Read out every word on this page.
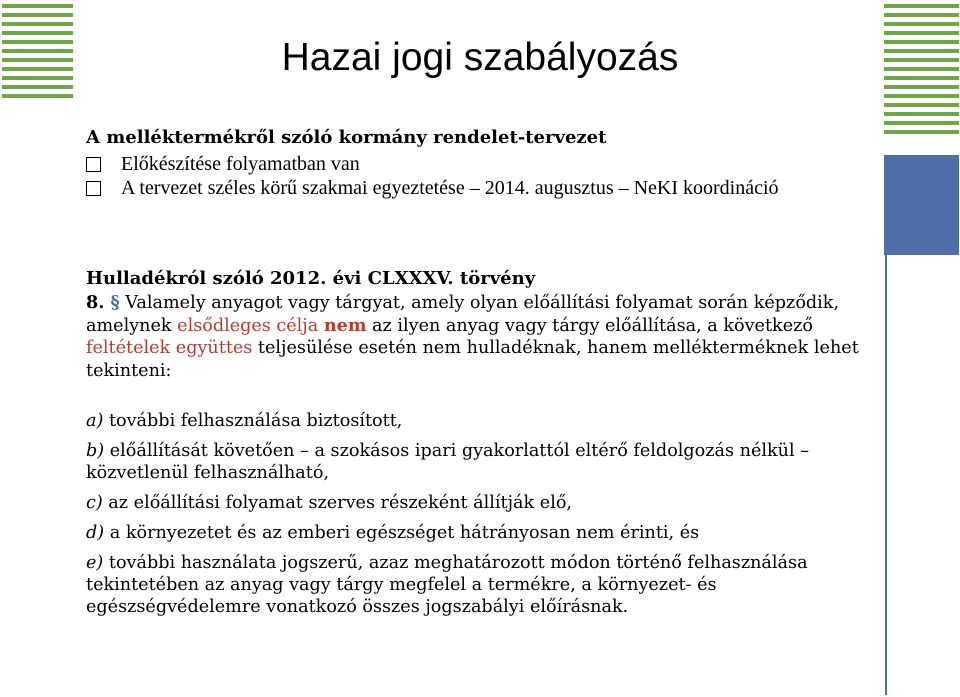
Hazai jogi szabályozás
A melléktermékről szóló kormány rendelet-tervezet
Előkészítése folyamatban van
A tervezet széles körű szakmai egyeztetése – 2014. augusztus – NeKI koordináció
Hulladékról szóló 2012. évi CLXXXV. törvény
8. § Valamely anyagot vagy tárgyat, amely olyan előállítási folyamat során képződik, amelynek elsődleges célja nem az ilyen anyag vagy tárgy előállítása, a következő feltételek együttes teljesülése esetén nem hulladéknak, hanem mellékterméknek lehet tekinteni:
a) további felhasználása biztosított,
b) előállítását követően – a szokásos ipari gyakorlattól eltérő feldolgozás nélkül – közvetlenül felhasználható,
c) az előállítási folyamat szerves részeként állítják elő,
d) a környezetet és az emberi egészséget hátrányosan nem érinti, és
e) további használata jogszerű, azaz meghatározott módon történő felhasználása tekintetében az anyag vagy tárgy megfelel a termékre, a környezet- és egészségvédelemre vonatkozó összes jogszabályi előírásnak.
